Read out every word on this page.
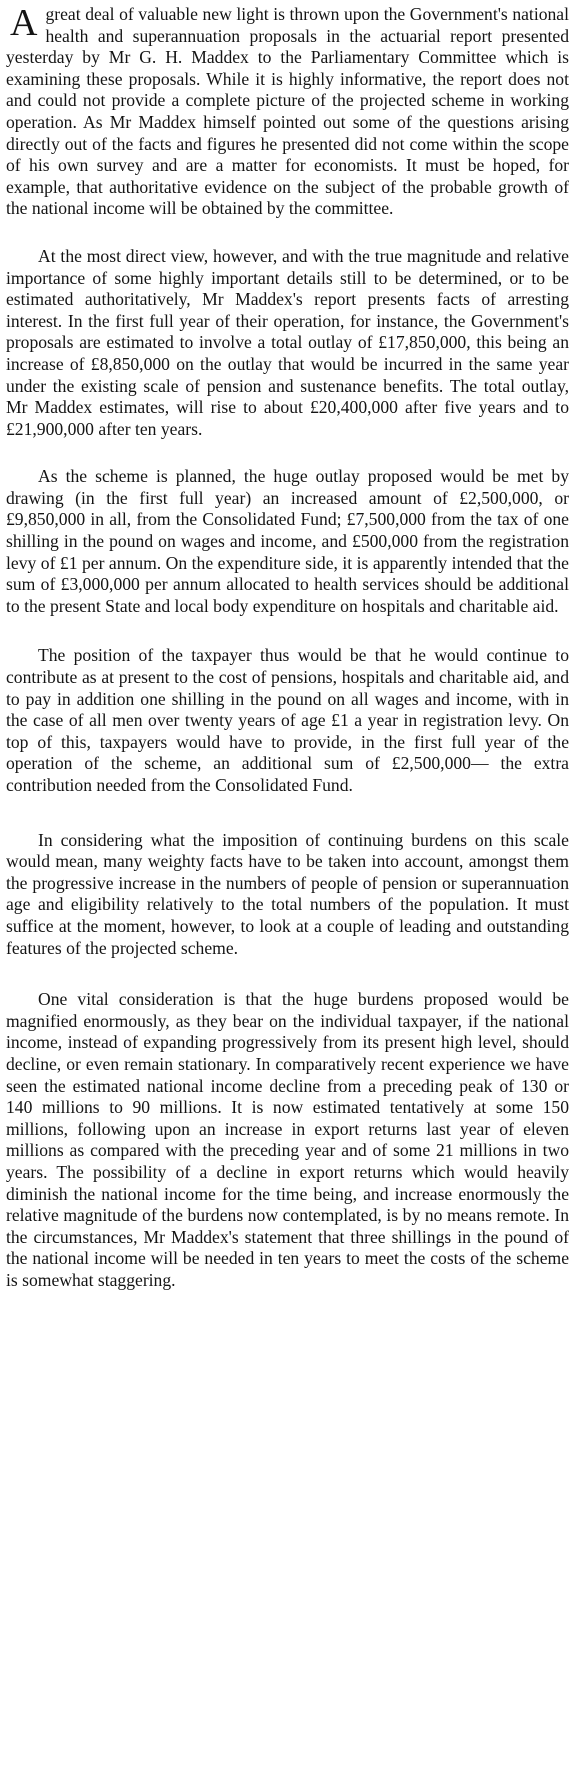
Agreat deal of valuable new light is thrown upon the Government's national health and superannuation proposals in the actuarial report presented yesterday by Mr G. H. Maddex to the Parliamentary Committee which is examining these proposals. While it is highly informative, the report does not and could not provide a complete picture of the projected scheme in working operation. As Mr Maddex himself pointed out some of the questions arising directly out of the facts and figures he presented did not come within the scope of his own survey and are a matter for economists. It must be hoped, for example, that authoritative evidence on the subject of the probable growth of the national income will be obtained by the committee.

At the most direct view, however, and with the true magnitude and relative importance of some highly important details still to be determined, or to be estimated authoritatively, Mr Maddex's report presents facts of arresting interest. In the first full year of their operation, for instance, the Government's proposals are estimated to involve a total outlay of £17,850,000, this being an increase of £8,850,000 on the outlay that would be incurred in the same year under the existing scale of pension and sustenance benefits. The total outlay, Mr Maddex estimates, will rise to about £20,400,000 after five years and to £21,900,000 after ten years.

As the scheme is planned, the huge outlay proposed would be met by drawing (in the first full year) an increased amount of £2,500,000, or £9,850,000 in all, from the Consolidated Fund; £7,500,000 from the tax of one shilling in the pound on wages and income, and £500,000 from the registration levy of £1 per annum. On the expenditure side, it is apparently intended that the sum of £3,000,000 per annum allocated to health services should be additional to the present State and local body expenditure on hospitals and charitable aid.

The position of the taxpayer thus would be that he would continue to contribute as at present to the cost of pensions, hospitals and charitable aid, and to pay in addition one shilling in the pound on all wages and income, with in the case of all men over twenty years of age £1 a year in registration levy. On top of this, taxpayers would have to provide, in the first full year of the operation of the scheme, an additional sum of £2,500,000— the extra contribution needed from the Consolidated Fund.

In considering what the imposition of continuing burdens on this scale would mean, many weighty facts have to be taken into account, amongst them the progressive increase in the numbers of people of pension or superannuation age and eligibility relatively to the total numbers of the population. It must suffice at the moment, however, to look at a couple of leading and outstanding features of the projected scheme.

One vital consideration is that the huge burdens proposed would be magnified enormously, as they bear on the individual taxpayer, if the national income, instead of expanding progressively from its present high level, should decline, or even remain stationary. In comparatively recent experience we have seen the estimated national income decline from a preceding peak of 130 or 140 millions to 90 millions. It is now estimated tentatively at some 150 millions, following upon an increase in export returns last year of eleven millions as compared with the preceding year and of some 21 millions in two years. The possibility of a decline in export returns which would heavily diminish the national income for the time being, and increase enormously the relative magnitude of the burdens now contemplated, is by no means remote. In the circumstances, Mr Maddex's statement that three shillings in the pound of the national income will be needed in ten years to meet the costs of the scheme is somewhat staggering.
